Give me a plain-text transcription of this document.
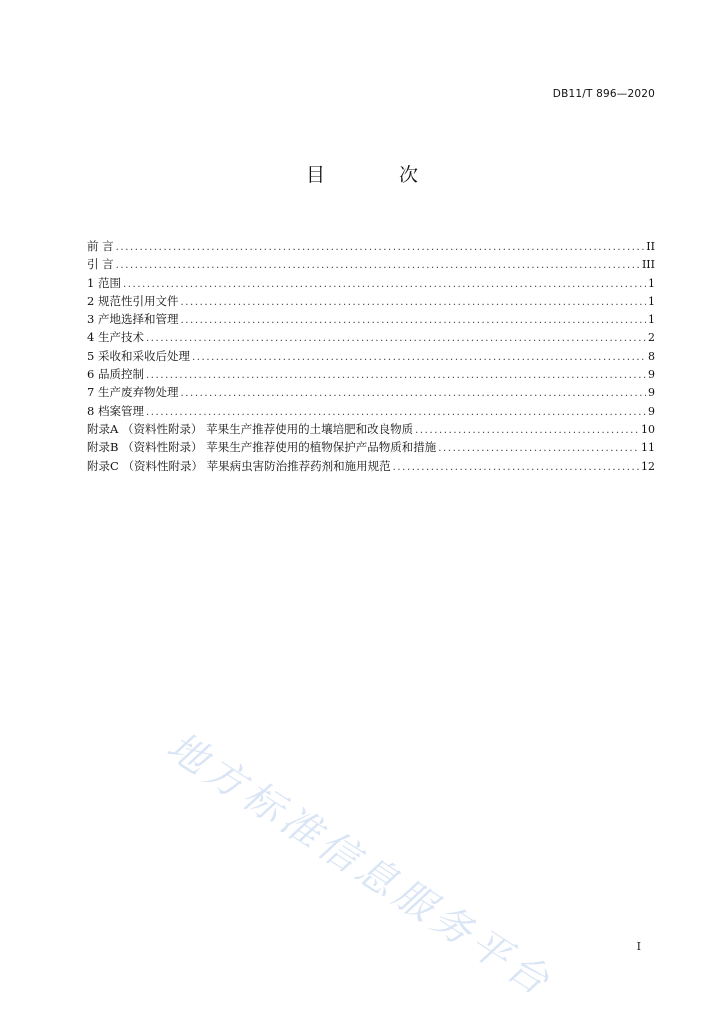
DB11/T 896—2020
目 次
前 言 .....	II
引 言 .....	III
1 范围 .....	1
2 规范性引用文件 .....	1
3 产地选择和管理 .....	1
4 生产技术 .....	2
5 采收和采收后处理 .....	8
6 品质控制 .....	9
7 生产废弃物处理 .....	9
8 档案管理 .....	9
附录A （资料性附录） 苹果生产推荐使用的土壤培肥和改良物质 .....	10
附录B （资料性附录） 苹果生产推荐使用的植物保护产品物质和措施 .....	11
附录C （资料性附录） 苹果病虫害防治推荐药剂和施用规范 .....	12
地方标准信息服务平台	I
